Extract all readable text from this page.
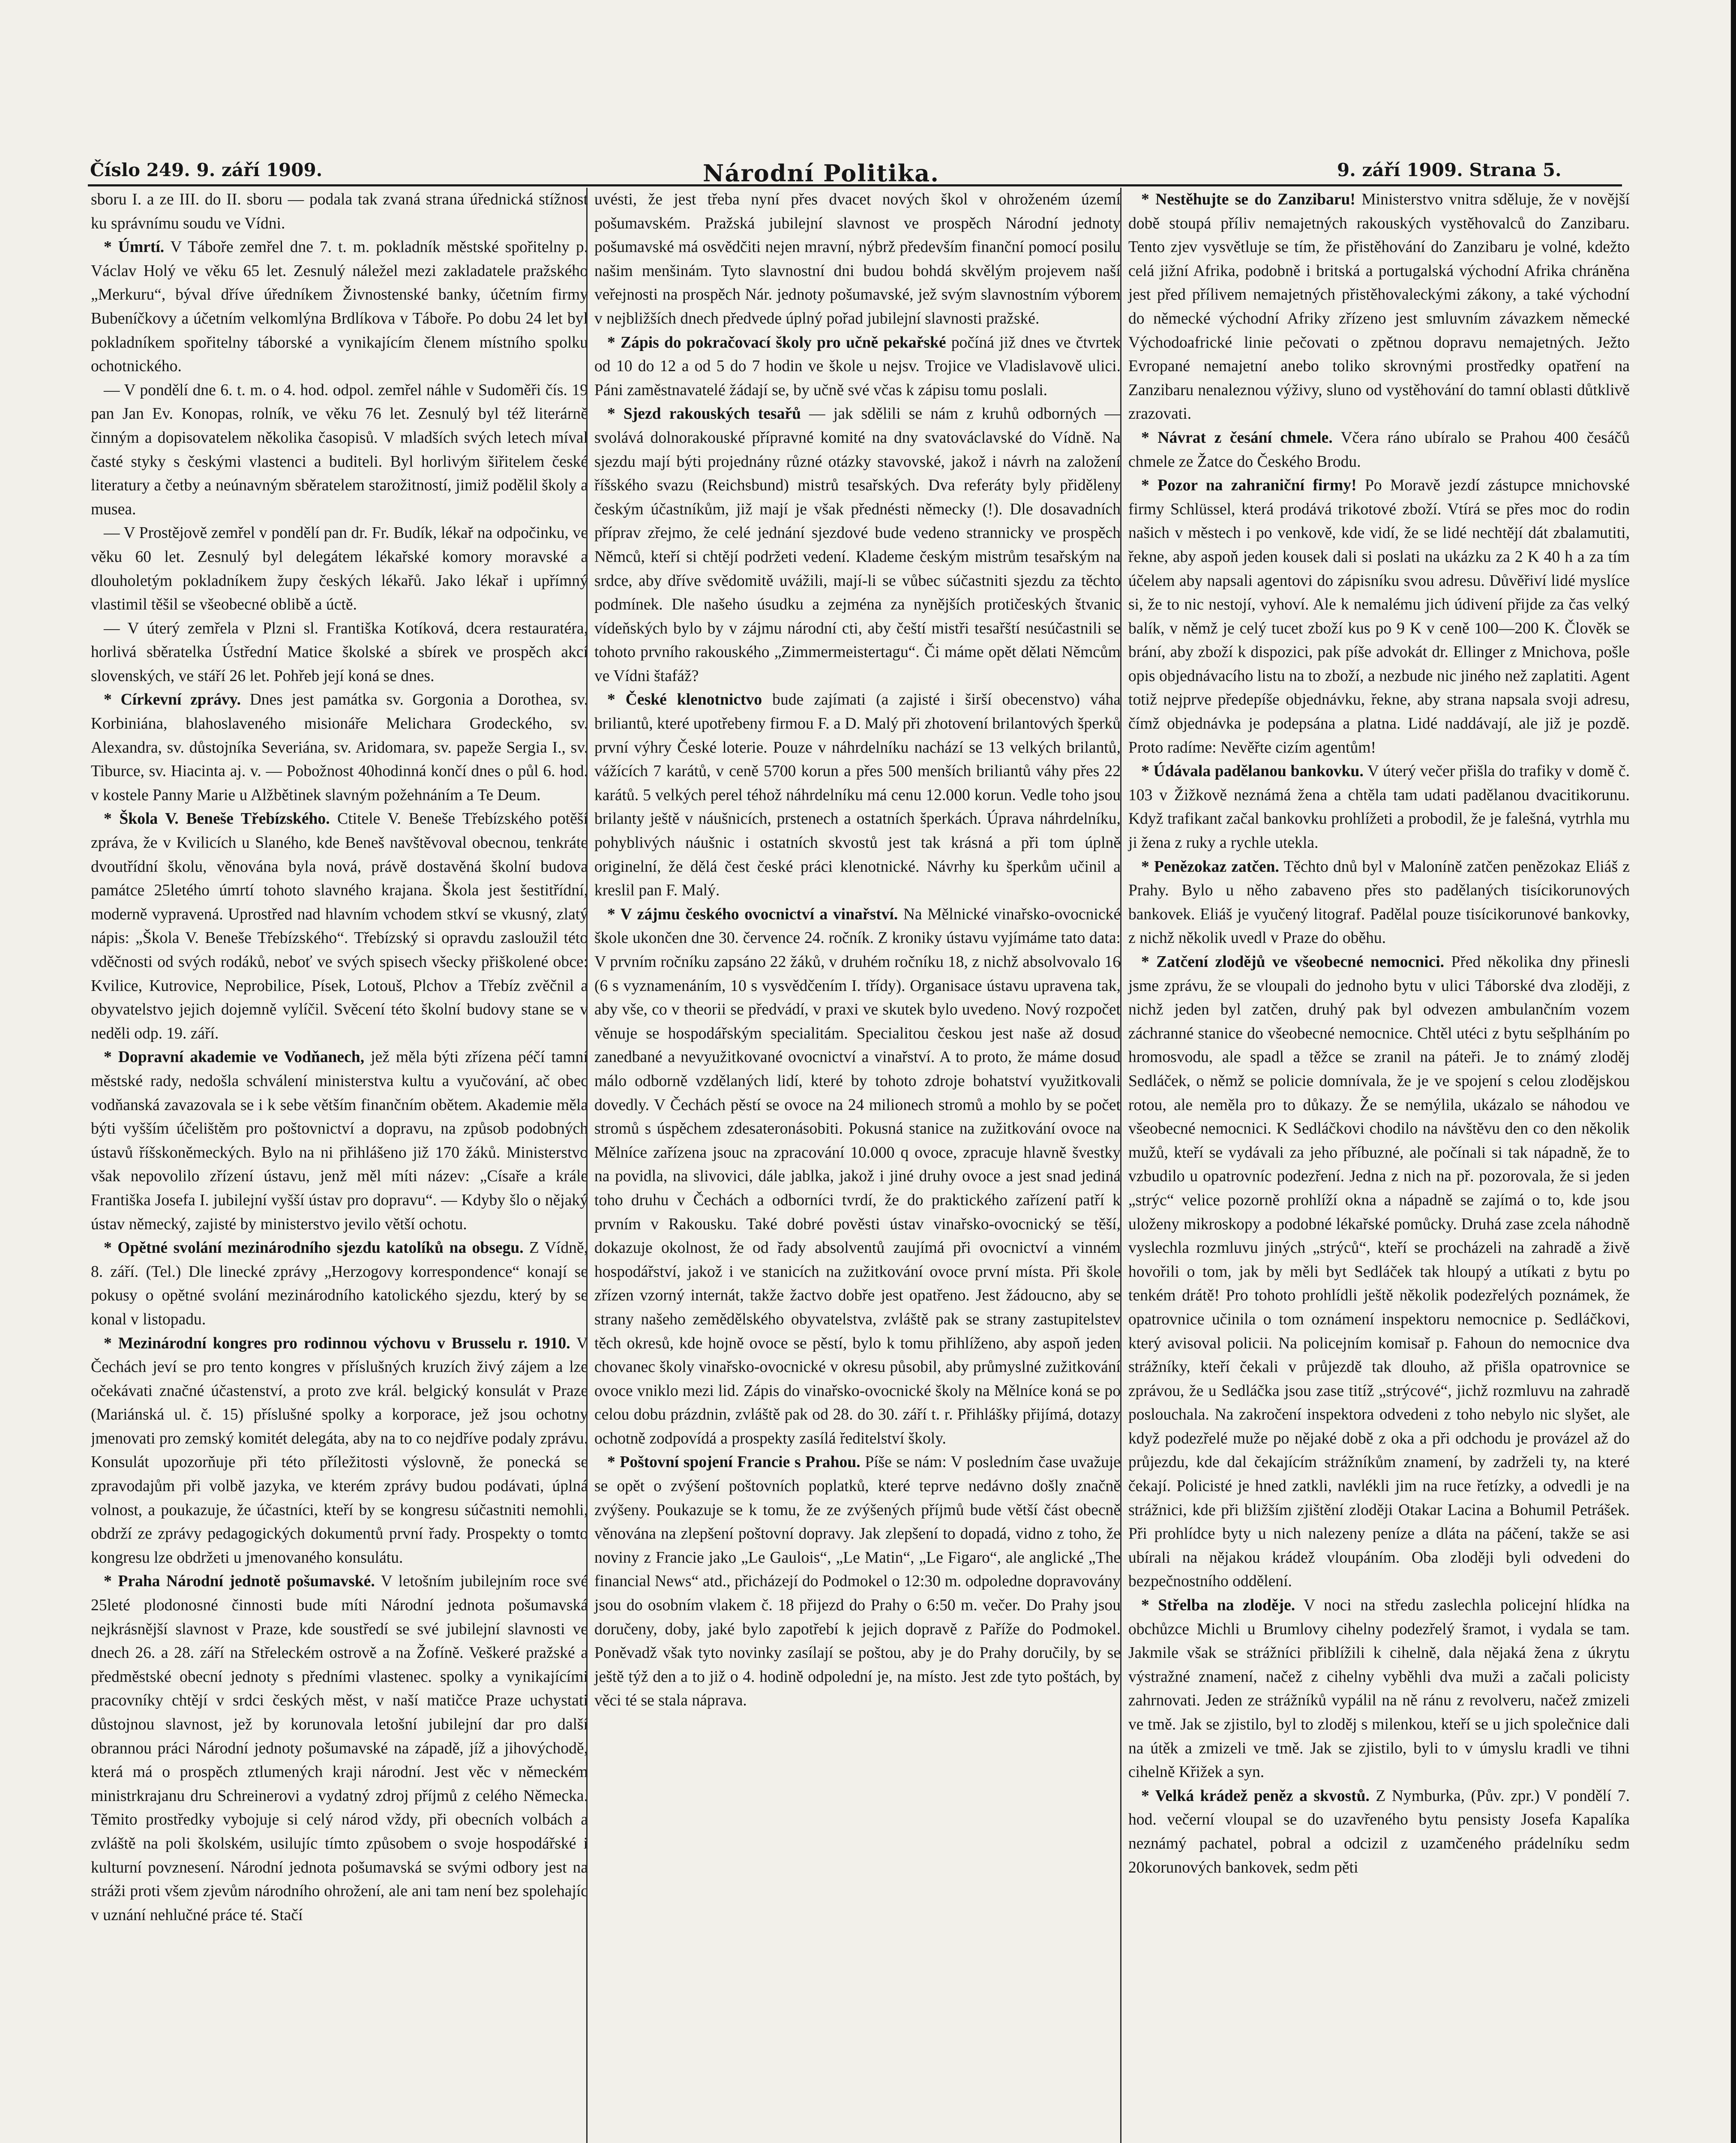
Číslo 249. 9. září 1909.	Národní Politika.	9. září 1909. Strana 5.

sboru I. a ze III. do II. sboru — podala tak zvaná strana úřednická stížnost ku správnímu soudu ve Vídni.

* Úmrtí. V Táboře zemřel dne 7. t. m. pokladník městské spořitelny p. Václav Holý ve věku 65 let. Zesnulý náležel mezi zakladatele pražského „Merkuru“, býval dříve úředníkem Živnostenské banky, účetním firmy Bubeníčkovy a účetním velkomlýna Brdlíkova v Táboře. Po dobu 24 let byl pokladníkem spořitelny táborské a vynikajícím členem místního spolku ochotnického.

— V pondělí dne 6. t. m. o 4. hod. odpol. zemřel náhle v Sudoměři čís. 19 pan Jan Ev. Konopas, rolník, ve věku 76 let. Zesnulý byl též literárně činným a dopisovatelem několika časopisů. V mladších svých letech míval časté styky s českými vlastenci a buditeli. Byl horlivým šiřitelem české literatury a četby a neúnavným sběratelem starožitností, jimiž podělil školy a musea.

— V Prostějově zemřel v pondělí pan dr. Fr. Budík, lékař na odpočinku, ve věku 60 let. Zesnulý byl delegátem lékařské komory moravské a dlouholetým pokladníkem župy českých lékařů. Jako lékař i upřímný vlastimil těšil se všeobecné oblibě a úctě.

— V úterý zemřela v Plzni sl. Františka Kotíková, dcera restauratéra, horlivá sběratelka Ústřední Matice školské a sbírek ve prospěch akcí slovenských, ve stáří 26 let. Pohřeb její koná se dnes.

* Církevní zprávy. Dnes jest památka sv. Gorgonia a Dorothea, sv. Korbiniána, blahoslaveného misionáře Melichara Grodeckého, sv. Alexandra, sv. důstojníka Severiána, sv. Aridomara, sv. papeže Sergia I., sv. Tiburce, sv. Hiacinta aj. v. — Pobožnost 40hodinná končí dnes o půl 6. hod. v kostele Panny Marie u Alžbětinek slavným požehnáním a Te Deum.

* Škola V. Beneše Třebízského. Ctitele V. Beneše Třebízského potěší zpráva, že v Kvilicích u Slaného, kde Beneš navštěvoval obecnou, tenkráte dvoutřídní školu, věnována byla nová, právě dostavěná školní budova památce 25letého úmrtí tohoto slavného krajana. Škola jest šestitřídní, moderně vypravená. Uprostřed nad hlavním vchodem stkví se vkusný, zlatý nápis: „Škola V. Beneše Třebízského“. Třebízský si opravdu zasloužil této vděčnosti od svých rodáků, neboť ve svých spisech všecky přiškolené obce: Kvilice, Kutrovice, Neprobilice, Písek, Lotouš, Plchov a Třebíz zvěčnil a obyvatelstvo jejich dojemně vylíčil. Svěcení této školní budovy stane se v neděli odp. 19. září.

* Dopravní akademie ve Vodňanech, jež měla býti zřízena péčí tamní městské rady, nedošla schválení ministerstva kultu a vyučování, ač obec vodňanská zavazovala se i k sebe větším finančním obětem. Akademie měla býti vyšším účelištěm pro poštovnictví a dopravu, na způsob podobných ústavů říšskoněmeckých. Bylo na ni přihlášeno již 170 žáků. Ministerstvo však nepovolilo zřízení ústavu, jenž měl míti název: „Císaře a krále Františka Josefa I. jubilejní vyšší ústav pro dopravu“. — Kdyby šlo o nějaký ústav německý, zajisté by ministerstvo jevilo větší ochotu.

* Opětné svolání mezinárodního sjezdu katolíků na obsegu. Z Vídně, 8. září. (Tel.) Dle linecké zprávy „Herzogovy korrespondence“ konají se pokusy o opětné svolání mezinárodního katolického sjezdu, který by se konal v listopadu.

* Mezinárodní kongres pro rodinnou výchovu v Brusselu r. 1910. V Čechách jeví se pro tento kongres v příslušných kruzích živý zájem a lze očekávati značné účastenství, a proto zve král. belgický konsulát v Praze (Mariánská ul. č. 15) příslušné spolky a korporace, jež jsou ochotny jmenovati pro zemský komitét delegáta, aby na to co nejdříve podaly zprávu. Konsulát upozorňuje při této příležitosti výslovně, že ponecká se zpravodajům při volbě jazyka, ve kterém zprávy budou podávati, úplná volnost, a poukazuje, že účastníci, kteří by se kongresu súčastniti nemohli, obdrží ze zprávy pedagogických dokumentů první řady. Prospekty o tomto kongresu lze obdržeti u jmenovaného konsulátu.

* Praha Národní jednotě pošumavské. V letošním jubilejním roce své 25leté plodonosné činnosti bude míti Národní jednota pošumavská nejkrásnější slavnost v Praze, kde soustředí se své jubilejní slavnosti ve dnech 26. a 28. září na Střeleckém ostrově a na Žofíně. Veškeré pražské a předměstské obecní jednoty s předními vlastenec. spolky a vynikajícími pracovníky chtějí v srdci českých měst, v naší matičce Praze uchystati důstojnou slavnost, jež by korunovala letošní jubilejní dar pro další obrannou práci Národní jednoty pošumavské na západě, jíž a jihovýchodě, která má o prospěch ztlumených kraji národní. Jest věc v německém ministrkrajanu dru Schreinerovi a vydatný zdroj příjmů z celého Německa. Těmito prostředky vybojuje si celý národ vždy, při obecních volbách a zvláště na poli školském, usilujíc tímto způsobem o svoje hospodářské i kulturní povznesení. Národní jednota pošumavská se svými odbory jest na stráži proti všem zjevům národního ohrožení, ale ani tam není bez spolehajíc v uznání nehlučné práce té. Stačí

uvésti, že jest třeba nyní přes dvacet nových škol v ohroženém území pošumavském. Pražská jubilejní slavnost ve prospěch Národní jednoty pošumavské má osvědčiti nejen mravní, nýbrž především finanční pomocí posilu našim menšinám. Tyto slavnostní dni budou bohdá skvělým projevem naší veřejnosti na prospěch Nár. jednoty pošumavské, jež svým slavnostním výborem v nejbližších dnech předvede úplný pořad jubilejní slavnosti pražské.

* Zápis do pokračovací školy pro učně pekařské počíná již dnes ve čtvrtek od 10 do 12 a od 5 do 7 hodin ve škole u nejsv. Trojice ve Vladislavově ulici. Páni zaměstnavatelé žádají se, by učně své včas k zápisu tomu poslali.

* Sjezd rakouských tesařů — jak sdělili se nám z kruhů odborných — svolává dolnorakouské přípravné komité na dny svatováclavské do Vídně. Na sjezdu mají býti projednány různé otázky stavovské, jakož i návrh na založení říšského svazu (Reichsbund) mistrů tesařských. Dva referáty byly přiděleny českým účastníkům, již mají je však přednésti německy (!). Dle dosavadních příprav zřejmo, že celé jednání sjezdové bude vedeno strannicky ve prospěch Němců, kteří si chtějí podržeti vedení. Klademe českým mistrům tesařským na srdce, aby dříve svědomitě uvážili, mají-li se vůbec súčastniti sjezdu za těchto podmínek. Dle našeho úsudku a zejména za nynějších protičeských štvanic vídeňských bylo by v zájmu národní cti, aby čeští mistři tesařští nesúčastnili se tohoto prvního rakouského „Zimmermeistertagu“. Či máme opět dělati Němcům ve Vídni štafáž?

* České klenotnictvo bude zajímati (a zajisté i širší obecenstvo) váha briliantů, které upotřebeny firmou F. a D. Malý při zhotovení brilantových šperků první výhry České loterie. Pouze v náhrdelníku nachází se 13 velkých brilantů, vážících 7 karátů, v ceně 5700 korun a přes 500 menších briliantů váhy přes 22 karátů. 5 velkých perel téhož náhrdelníku má cenu 12.000 korun. Vedle toho jsou brilanty ještě v náušnicích, prstenech a ostatních šperkách. Úprava náhrdelníku, pohyblivých náušnic i ostatních skvostů jest tak krásná a při tom úplně originelní, že dělá čest české práci klenotnické. Návrhy ku šperkům učinil a kreslil pan F. Malý.

* V zájmu českého ovocnictví a vinařství. Na Mělnické vinařsko-ovocnické škole ukončen dne 30. července 24. ročník. Z kroniky ústavu vyjímáme tato data: V prvním ročníku zapsáno 22 žáků, v druhém ročníku 18, z nichž absolvovalo 16 (6 s vyznamenáním, 10 s vysvědčením I. třídy). Organisace ústavu upravena tak, aby vše, co v theorii se předvádí, v praxi ve skutek bylo uvedeno. Nový rozpočet věnuje se hospodářským specialitám. Specialitou českou jest naše až dosud zanedbané a nevyužitkované ovocnictví a vinařství. A to proto, že máme dosud málo odborně vzdělaných lidí, které by tohoto zdroje bohatství využitkovali dovedly. V Čechách pěstí se ovoce na 24 milionech stromů a mohlo by se počet stromů s úspěchem zdesateronásobiti. Pokusná stanice na zužitkování ovoce na Mělníce zařízena jsouc na zpracování 10.000 q ovoce, zpracuje hlavně švestky na povidla, na slivovici, dále jablka, jakož i jiné druhy ovoce a jest snad jediná toho druhu v Čechách a odborníci tvrdí, že do praktického zařízení patří k prvním v Rakousku. Také dobré pověsti ústav vinařsko-ovocnický se těší, dokazuje okolnost, že od řady absolventů zaujímá při ovocnictví a vinném hospodářství, jakož i ve stanicích na zužitkování ovoce první místa. Při škole zřízen vzorný internát, takže žactvo dobře jest opatřeno. Jest žádoucno, aby se strany našeho zemědělského obyvatelstva, zvláště pak se strany zastupitelstev těch okresů, kde hojně ovoce se pěstí, bylo k tomu přihlíženo, aby aspoň jeden chovanec školy vinařsko-ovocnické v okresu působil, aby průmyslné zužitkování ovoce vniklo mezi lid. Zápis do vinařsko-ovocnické školy na Mělníce koná se po celou dobu prázdnin, zvláště pak od 28. do 30. září t. r. Přihlášky přijímá, dotazy ochotně zodpovídá a prospekty zasílá ředitelství školy.

* Poštovní spojení Francie s Prahou. Píše se nám: V posledním čase uvažuje se opět o zvýšení poštovních poplatků, které teprve nedávno došly značně zvýšeny. Poukazuje se k tomu, že ze zvýšených příjmů bude větší část obecně věnována na zlepšení poštovní dopravy. Jak zlepšení to dopadá, vidno z toho, že noviny z Francie jako „Le Gaulois“, „Le Matin“, „Le Figaro“, ale anglické „The financial News“ atd., přicházejí do Podmokel o 12:30 m. odpoledne dopravovány jsou do osobním vlakem č. 18 přijezd do Prahy o 6:50 m. večer. Do Prahy jsou doručeny, doby, jaké bylo zapotřebí k jejich dopravě z Paříže do Podmokel. Poněvadž však tyto novinky zasílají se poštou, aby je do Prahy doručily, by se ještě týž den a to již o 4. hodině odpolední je, na místo. Jest zde tyto poštách, by věci té se stala náprava.

* Nestěhujte se do Zanzibaru! Ministerstvo vnitra sděluje, že v novější době stoupá příliv nemajetných rakouských vystěhovalců do Zanzibaru. Tento zjev vysvětluje se tím, že přistěhování do Zanzibaru je volné, kdežto celá jižní Afrika, podobně i britská a portugalská východní Afrika chráněna jest před přílivem nemajetných přistěhovaleckými zákony, a také východní do německé východní Afriky zřízeno jest smluvním závazkem německé Východoafrické linie pečovati o zpětnou dopravu nemajetných. Ježto Evropané nemajetní anebo toliko skrovnými prostředky opatření na Zanzibaru nenaleznou výživy, sluno od vystěhování do tamní oblasti důtklivě zrazovati.

* Návrat z česání chmele. Včera ráno ubíralo se Prahou 400 česáčů chmele ze Žatce do Českého Brodu.

* Pozor na zahraniční firmy! Po Moravě jezdí zástupce mnichovské firmy Schlüssel, která prodává trikotové zboží. Vtírá se přes moc do rodin našich v městech i po venkově, kde vidí, že se lidé nechtějí dát zbalamutiti, řekne, aby aspoň jeden kousek dali si poslati na ukázku za 2 K 40 h a za tím účelem aby napsali agentovi do zápisníku svou adresu. Důvěřiví lidé myslíce si, že to nic nestojí, vyhoví. Ale k nemalému jich údivení přijde za čas velký balík, v němž je celý tucet zboží kus po 9 K v ceně 100—200 K. Člověk se brání, aby zboží k dispozici, pak píše advokát dr. Ellinger z Mnichova, pošle opis objednávacího listu na to zboží, a nezbude nic jiného než zaplatiti. Agent totiž nejprve předepíše objednávku, řekne, aby strana napsala svoji adresu, čímž objednávka je podepsána a platna. Lidé naddávají, ale již je pozdě. Proto radíme: Nevěřte cizím agentům!

* Údávala padělanou bankovku. V úterý večer přišla do trafiky v domě č. 103 v Žižkově neznámá žena a chtěla tam udati padělanou dvacitikorunu. Když trafikant začal bankovku prohlížeti a probodil, že je falešná, vytrhla mu ji žena z ruky a rychle utekla.

* Penězokaz zatčen. Těchto dnů byl v Maloníně zatčen penězokaz Eliáš z Prahy. Bylo u něho zabaveno přes sto padělaných tisícikorunových bankovek. Eliáš je vyučený litograf. Padělal pouze tisícikorunové bankovky, z nichž několik uvedl v Praze do oběhu.

* Zatčení zlodějů ve všeobecné nemocnici. Před několika dny přinesli jsme zprávu, že se vloupali do jednoho bytu v ulici Táborské dva zloději, z nichž jeden byl zatčen, druhý pak byl odvezen ambulančním vozem záchranné stanice do všeobecné nemocnice. Chtěl utéci z bytu sešplháním po hromosvodu, ale spadl a těžce se zranil na páteři. Je to známý zloděj Sedláček, o němž se policie domnívala, že je ve spojení s celou zlodějskou rotou, ale neměla pro to důkazy. Že se nemýlila, ukázalo se náhodou ve všeobecné nemocnici. K Sedláčkovi chodilo na návštěvu den co den několik mužů, kteří se vydávali za jeho příbuzné, ale počínali si tak nápadně, že to vzbudilo u opatrovníc podezření. Jedna z nich na př. pozorovala, že si jeden „strýc“ velice pozorně prohlíží okna a nápadně se zajímá o to, kde jsou uloženy mikroskopy a podobné lékařské pomůcky. Druhá zase zcela náhodně vyslechla rozmluvu jiných „strýců“, kteří se procházeli na zahradě a živě hovořili o tom, jak by měli byt Sedláček tak hloupý a utíkati z bytu po tenkém drátě! Pro tohoto prohlídli ještě několik podezřelých poznámek, že opatrovnice učinila o tom oznámení inspektoru nemocnice p. Sedláčkovi, který avisoval policii. Na policejním komisař p. Fahoun do nemocnice dva strážníky, kteří čekali v průjezdě tak dlouho, až přišla opatrovnice se zprávou, že u Sedláčka jsou zase titíž „strýcové“, jichž rozmluvu na zahradě poslouchala. Na zakročení inspektora odvedeni z toho nebylo nic slyšet, ale když podezřelé muže po nějaké době z oka a při odchodu je provázel až do průjezdu, kde dal čekajícím strážníkům znamení, by zadrželi ty, na které čekají. Policisté je hned zatkli, navlékli jim na ruce řetízky, a odvedli je na strážnici, kde při bližším zjištění zloději Otakar Lacina a Bohumil Petrášek. Při prohlídce byty u nich nalezeny peníze a dláta na páčení, takže se asi ubírali na nějakou krádež vloupáním. Oba zloději byli odvedeni do bezpečnostního oddělení.

* Střelba na zloděje. V noci na středu zaslechla policejní hlídka na obchůzce Michli u Brumlovy cihelny podezřelý šramot, i vydala se tam. Jakmile však se strážníci přiblížili k cihelně, dala nějaká žena z úkrytu výstražné znamení, načež z cihelny vyběhli dva muži a začali policisty zahrnovati. Jeden ze strážníků vypálil na ně ránu z revolveru, načež zmizeli ve tmě. Jak se zjistilo, byl to zloděj s milenkou, kteří se u jich společnice dali na útěk a zmizeli ve tmě. Jak se zjistilo, byli to v úmyslu kradli ve tihni cihelně Křižek a syn.

* Velká krádež peněz a skvostů. Z Nymburka, (Pův. zpr.) V pondělí 7. hod. večerní vloupal se do uzavřeného bytu pensisty Josefa Kapalíka neznámý pachatel, pobral a odcizil z uzamčeného prádelníku sedm 20korunových bankovek, sedm pěti
